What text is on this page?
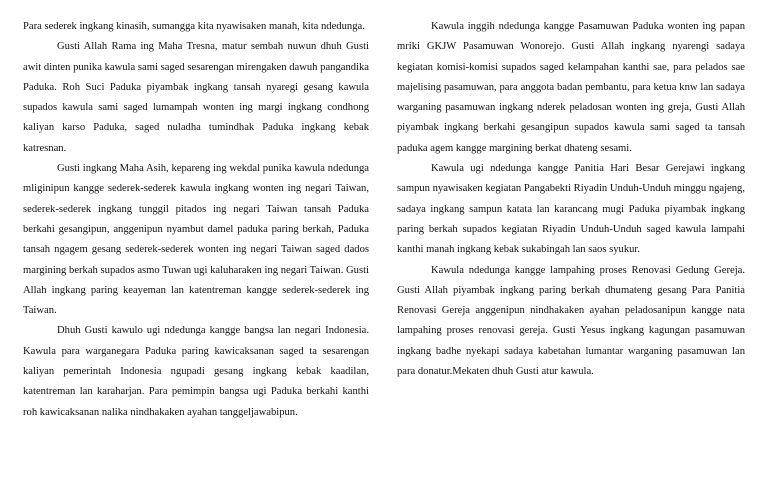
Para sederek ingkang kinasih, sumangga kita nyawisaken manah, kita ndedunga.

Gusti Allah Rama ing Maha Tresna, matur sembah nuwun dhuh Gusti awit dinten punika kawula sami saged sesarengan mirengaken dawuh pangandika Paduka. Roh Suci Paduka piyambak ingkang tansah nyaregi gesang kawula supados kawula sami saged lumampah wonten ing margi ingkang condhong kaliyan karso Paduka, saged nuladha tumindhak Paduka ingkang kebak katresnan.

Gusti ingkang Maha Asih, kepareng ing wekdal punika kawula ndedunga mliginipun kangge sederek-sederek kawula ingkang wonten ing negari Taiwan, sederek-sederek ingkang tunggil pitados ing negari Taiwan tansah Paduka berkahi gesangipun, anggenipun nyambut damel paduka paring berkah, Paduka tansah ngagem gesang sederek-sederek wonten ing negari Taiwan saged dados margining berkah supados asmo Tuwan ugi kaluharaken ing negari Taiwan. Gusti Allah ingkang paring keayeman lan katentreman kangge sederek-sederek ing Taiwan.

Dhuh Gusti kawulo ugi ndedunga kangge bangsa lan negari Indonesia. Kawula para warganegara Paduka paring kawicaksanan saged ta sesarengan kaliyan pemerintah Indonesia ngupadi gesang ingkang kebak kaadilan, katentreman lan karaharjan. Para pemimpin bangsa ugi Paduka berkahi kanthi roh kawicaksanan nalika nindhakaken ayahan tanggeljawabipun.

Kawula inggih ndedunga kangge Pasamuwan Paduka wonten ing papan mriki GKJW Pasamuwan Wonorejo. Gusti Allah ingkang nyarengi sadaya kegiatan komisi-komisi supados saged kelampahan kanthi sae, para pelados sae majelising pasamuwan, para anggota badan pembantu, para ketua knw lan sadaya warganing pasamuwan ingkang nderek peladosan wonten ing greja, Gusti Allah piyambak ingkang berkahi gesangipun supados kawula sami saged ta tansah paduka agem kangge margining berkat dhateng sesami.

Kawula ugi ndedunga kangge Panitia Hari Besar Gerejawi ingkang sampun nyawisaken kegiatan Pangabekti Riyadin Unduh-Unduh minggu ngajeng, sadaya ingkang sampun katata lan karancang mugi Paduka piyambak ingkang paring berkah supados kegiatan Riyadin Unduh-Unduh saged kawula lampahi kanthi manah ingkang kebak sukabingah lan saos syukur.

Kawula ndedunga kangge lampahing proses Renovasi Gedung Gereja. Gusti Allah piyambak ingkang paring berkah dhumateng gesang Para Panitia Renovasi Gereja anggenipun nindhakaken ayahan peladosanipun kangge nata lampahing proses renovasi gereja. Gusti Yesus ingkang kagungan pasamuwan ingkang badhe nyekapi sadaya kabetahan lumantar warganing pasamuwan lan para donatur.Mekaten dhuh Gusti atur kawula.
